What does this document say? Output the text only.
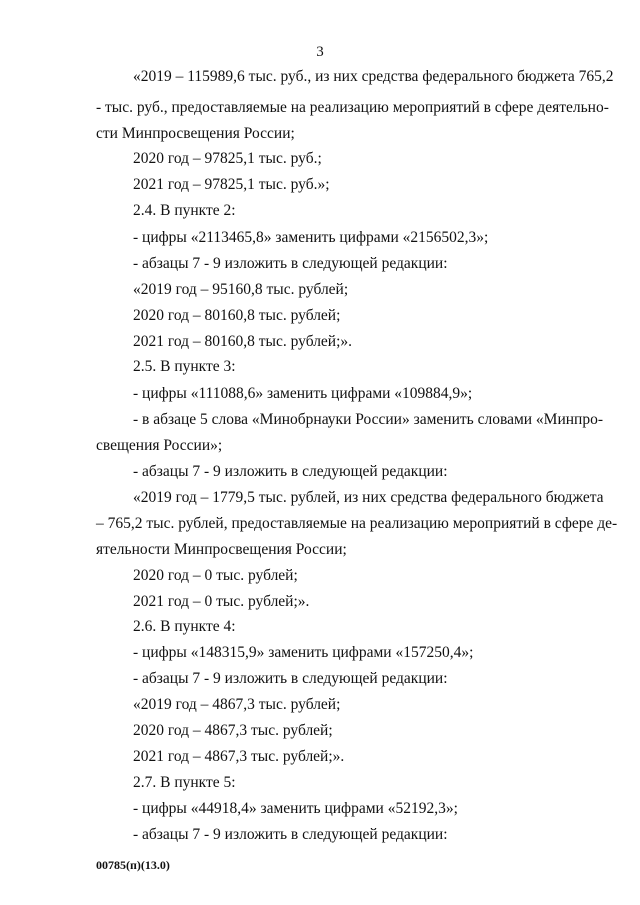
3
«2019 – 115989,6 тыс. руб., из них средства федерального бюджета 765,2
- тыс. руб., предоставляемые на реализацию мероприятий в сфере деятельно-
сти Минпросвещения России;
2020 год – 97825,1 тыс. руб.;
2021 год – 97825,1 тыс. руб.»;
2.4. В пункте 2:
- цифры «2113465,8» заменить цифрами «2156502,3»;
- абзацы 7 - 9 изложить в следующей редакции:
«2019 год – 95160,8 тыс. рублей;
2020 год – 80160,8 тыс. рублей;
2021 год – 80160,8 тыс. рублей;».
2.5. В пункте 3:
- цифры «111088,6» заменить цифрами «109884,9»;
- в абзаце 5 слова «Минобрнауки России» заменить словами «Минпро-
свещения России»;
- абзацы 7 - 9 изложить в следующей редакции:
«2019 год – 1779,5 тыс. рублей, из них средства федерального бюджета
– 765,2 тыс. рублей, предоставляемые на реализацию мероприятий в сфере де-
ятельности Минпросвещения России;
2020 год – 0 тыс. рублей;
2021 год – 0 тыс. рублей;».
2.6. В пункте 4:
- цифры «148315,9» заменить цифрами «157250,4»;
- абзацы 7 - 9 изложить в следующей редакции:
«2019 год – 4867,3 тыс. рублей;
2020 год – 4867,3 тыс. рублей;
2021 год – 4867,3 тыс. рублей;».
2.7. В пункте 5:
- цифры «44918,4» заменить цифрами «52192,3»;
- абзацы 7 - 9 изложить в следующей редакции:
00785(п)(13.0)
